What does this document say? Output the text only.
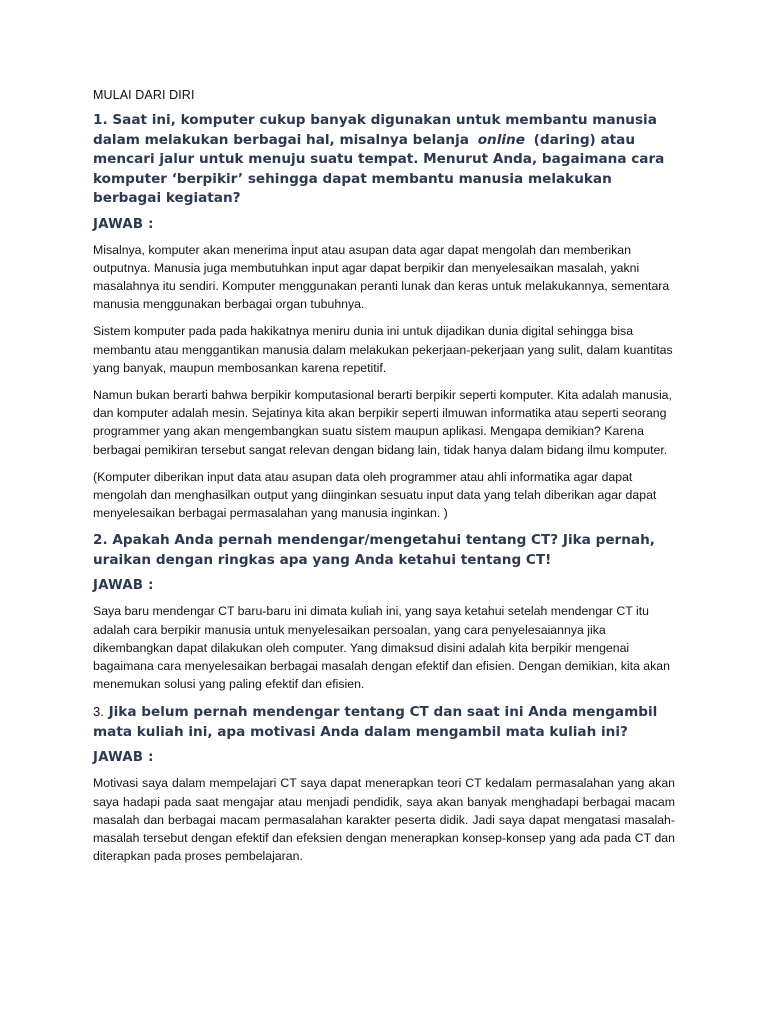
MULAI DARI DIRI
1. Saat ini, komputer cukup banyak digunakan untuk membantu manusia dalam melakukan berbagai hal, misalnya belanja online (daring) atau mencari jalur untuk menuju suatu tempat. Menurut Anda, bagaimana cara komputer ‘berpikir’ sehingga dapat membantu manusia melakukan berbagai kegiatan?
JAWAB :

Misalnya, komputer akan menerima input atau asupan data agar dapat mengolah dan memberikan outputnya. Manusia juga membutuhkan input agar dapat berpikir dan menyelesaikan masalah, yakni masalahnya itu sendiri. Komputer menggunakan peranti lunak dan keras untuk melakukannya, sementara manusia menggunakan berbagai organ tubuhnya.

Sistem komputer pada pada hakikatnya meniru dunia ini untuk dijadikan dunia digital sehingga bisa membantu atau menggantikan manusia dalam melakukan pekerjaan-pekerjaan yang sulit, dalam kuantitas yang banyak, maupun membosankan karena repetitif.

Namun bukan berarti bahwa berpikir komputasional berarti berpikir seperti komputer. Kita adalah manusia, dan komputer adalah mesin. Sejatinya kita akan berpikir seperti ilmuwan informatika atau seperti seorang programmer yang akan mengembangkan suatu sistem maupun aplikasi. Mengapa demikian? Karena berbagai pemikiran tersebut sangat relevan dengan bidang lain, tidak hanya dalam bidang ilmu komputer.

(Komputer diberikan input data atau asupan data oleh programmer atau ahli informatika agar dapat mengolah dan menghasilkan output yang diinginkan sesuatu input data yang telah diberikan agar dapat menyelesaikan berbagai permasalahan yang manusia inginkan. )

2. Apakah Anda pernah mendengar/mengetahui tentang CT? Jika pernah, uraikan dengan ringkas apa yang Anda ketahui tentang CT!
JAWAB :

Saya baru mendengar CT baru-baru ini dimata kuliah ini, yang saya ketahui setelah mendengar CT itu adalah cara berpikir manusia untuk menyelesaikan persoalan, yang cara penyelesaiannya jika dikembangkan dapat dilakukan oleh computer. Yang dimaksud disini adalah kita berpikir mengenai bagaimana cara menyelesaikan berbagai masalah dengan efektif dan efisien. Dengan demikian, kita akan menemukan solusi yang paling efektif dan efisien.

3. Jika belum pernah mendengar tentang CT dan saat ini Anda mengambil mata kuliah ini, apa motivasi Anda dalam mengambil mata kuliah ini?
JAWAB :

Motivasi saya dalam mempelajari CT saya dapat menerapkan teori CT kedalam permasalahan yang akan saya hadapi pada saat mengajar atau menjadi pendidik, saya akan banyak menghadapi berbagai macam masalah dan berbagai macam permasalahan karakter peserta didik. Jadi saya dapat mengatasi masalah-masalah tersebut dengan efektif dan efeksien dengan menerapkan konsep-konsep yang ada pada CT dan diterapkan pada proses pembelajaran.
